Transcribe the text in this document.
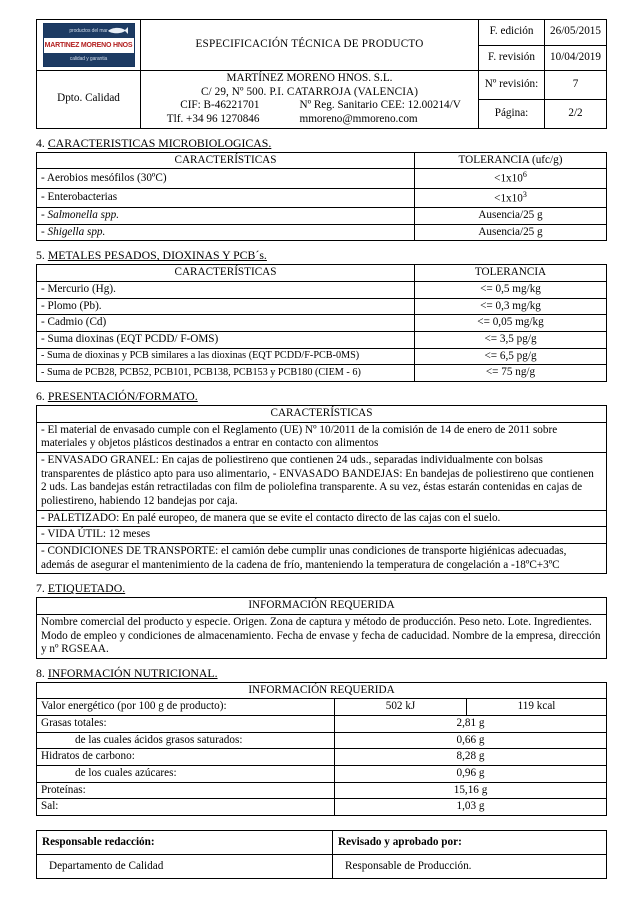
productos del mar
MARTINEZ MORENO HNOS
calidad y garantia	ESPECIFICACIÓN TÉCNICA DE PRODUCTO	F. edición	26/05/2015
		F. revisión	10/04/2019
Dpto. Calidad	
MARTÍNEZ MORENO HNOS. S.L.
C/ 29, Nº 500. P.I. CATARROJA (VALENCIA)
CIF: B-46221701	Nº Reg. Sanitario CEE: 12.00214/V
Tlf. +34 96 1270846	mmoreno@mmoreno.com
	Nº revisión:	7
		Página:	2/2
4. CARACTERISTICAS MICROBIOLOGICAS.
CARACTERÍSTICAS	TOLERANCIA (ufc/g)
- Aerobios mesófilos (30ºC)	$<1x10^6$
- Enterobacterias	$<1x10^3$
- Salmonella spp.	Ausencia/25 g
- Shigella spp.	Ausencia/25 g
5. METALES PESADOS, DIOXINAS Y PCB´s.
CARACTERÍSTICAS	TOLERANCIA
- Mercurio (Hg).	<= 0,5 mg/kg
- Plomo (Pb).	<= 0,3 mg/kg
- Cadmio (Cd)	<= 0,05 mg/kg
- Suma dioxinas (EQT PCDD/ F-OMS)	<= 3,5 pg/g
- Suma de dioxinas y PCB similares a las dioxinas (EQT PCDD/F-PCB-0MS)	<= 6,5 pg/g
- Suma de PCB28, PCB52, PCB101, PCB138, PCB153 y PCB180 (CIEM - 6)	<= 75 ng/g
6. PRESENTACIÓN/FORMATO.
CARACTERÍSTICAS
- El material de envasado cumple con el Reglamento (UE) Nº 10/2011 de la comisión de 14 de enero de 2011 sobre materiales y objetos plásticos destinados a entrar en contacto con alimentos
- ENVASADO GRANEL: En cajas de poliestireno que contienen 24 uds., separadas individualmente con bolsas transparentes de plástico apto para uso alimentario, - ENVASADO BANDEJAS: En bandejas de poliestireno que contienen 2 uds. Las bandejas están retractiladas con film de poliolefina transparente. A su vez, éstas estarán contenidas en cajas de poliestireno, habiendo 12 bandejas por caja.
- PALETIZADO: En palé europeo, de manera que se evite el contacto directo de las cajas con el suelo.
- VIDA ÚTIL: 12 meses
- CONDICIONES DE TRANSPORTE: el camión debe cumplir unas condiciones de transporte higiénicas adecuadas, además de asegurar el mantenimiento de la cadena de frío, manteniendo la temperatura de congelación a -18ºC+3ºC
7. ETIQUETADO.
INFORMACIÓN REQUERIDA
Nombre comercial del producto y especie. Origen. Zona de captura y método de producción. Peso neto. Lote. Ingredientes. Modo de empleo y condiciones de almacenamiento. Fecha de envase y fecha de caducidad. Nombre de la empresa, dirección y nº RGSEAA.
8. INFORMACIÓN NUTRICIONAL.
INFORMACIÓN REQUERIDA		
Valor energético (por 100 g de producto):	502 kJ	119 kcal
Grasas totales:	2,81 g	
de las cuales ácidos grasos saturados:	0,66 g	
Hidratos de carbono:	8,28 g	
de los cuales azúcares:	0,96 g	
Proteínas:	15,16 g	
Sal:	1,03 g	
Responsable redacción:	Revisado y aprobado por:
Departamento de Calidad	Responsable de Producción.
